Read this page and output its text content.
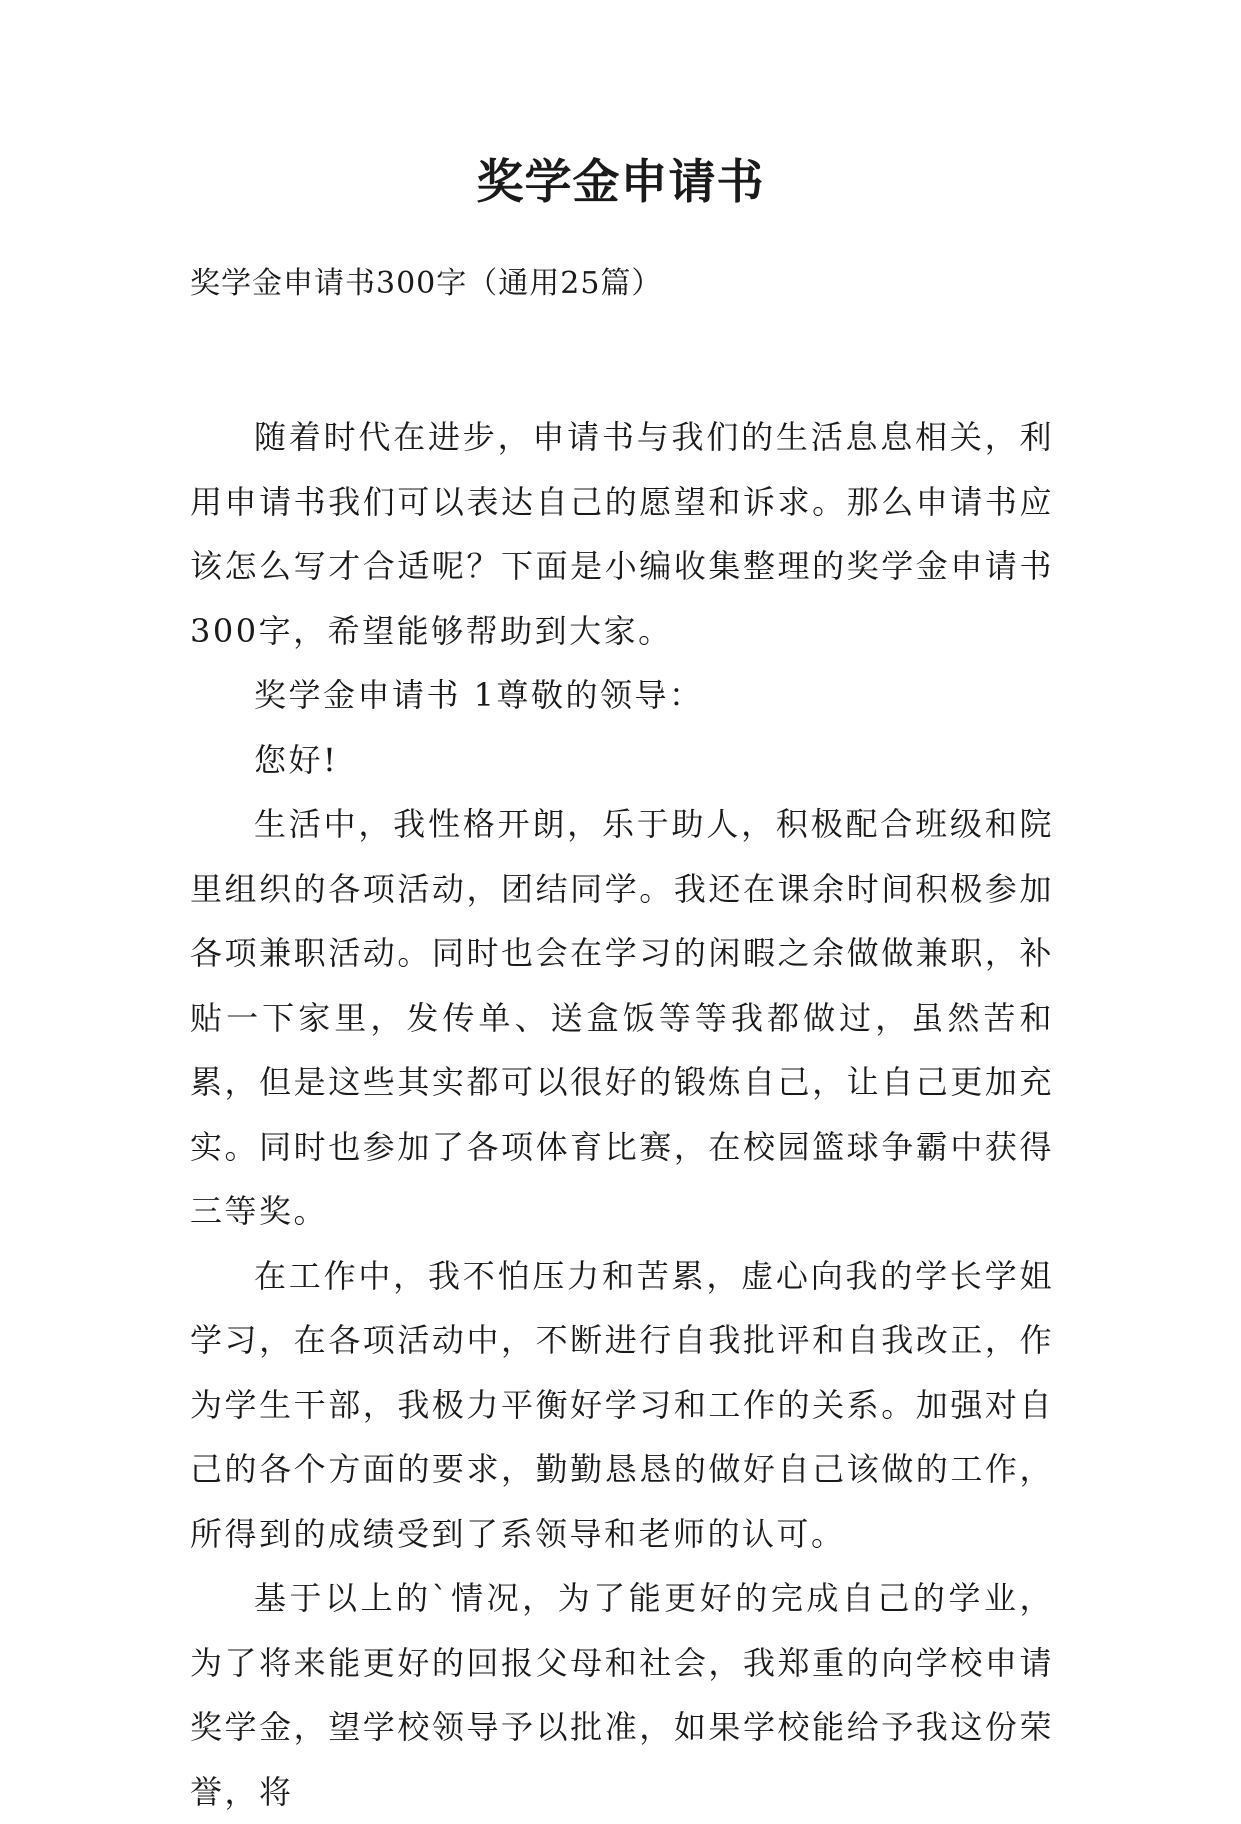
奖学金申请书

奖学金申请书300字（通用25篇）

随着时代在进步，申请书与我们的生活息息相关，利用申请书我们可以表达自己的愿望和诉求。那么申请书应该怎么写才合适呢？下面是小编收集整理的奖学金申请书300字，希望能够帮助到大家。

奖学金申请书 1尊敬的领导：

您好!

生活中，我性格开朗，乐于助人，积极配合班级和院里组织的各项活动，团结同学。我还在课余时间积极参加各项兼职活动。同时也会在学习的闲暇之余做做兼职，补贴一下家里，发传单、送盒饭等等我都做过，虽然苦和累，但是这些其实都可以很好的锻炼自己，让自己更加充实。同时也参加了各项体育比赛，在校园篮球争霸中获得三等奖。

在工作中，我不怕压力和苦累，虚心向我的学长学姐学习，在各项活动中，不断进行自我批评和自我改正，作为学生干部，我极力平衡好学习和工作的关系。加强对自己的各个方面的要求，勤勤恳恳的做好自己该做的工作，所得到的成绩受到了系领导和老师的认可。

基于以上的`情况，为了能更好的完成自己的学业，为了将来能更好的回报父母和社会，我郑重的向学校申请奖学金，望学校领导予以批准，如果学校能给予我这份荣誉，将
